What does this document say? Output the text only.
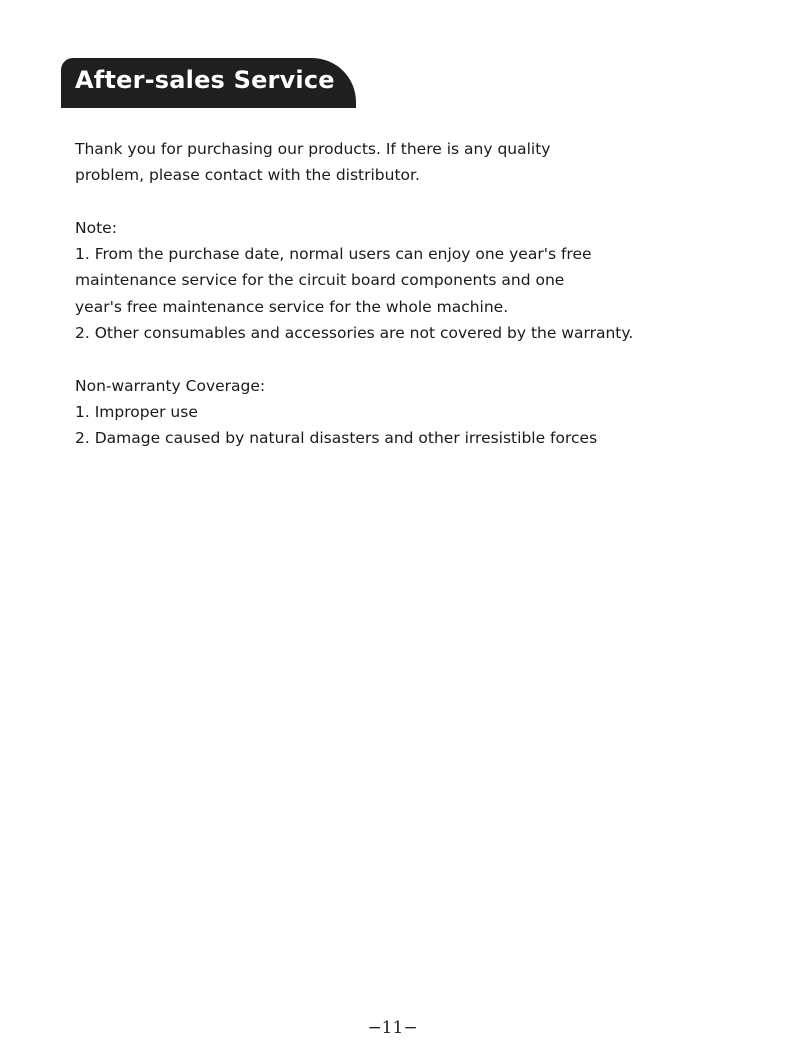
After-sales Service
Thank you for purchasing our products. If there is any quality
problem, please contact with the distributor.
Note:
1. From the purchase date, normal users can enjoy one year's free
maintenance service for the circuit board components and one
year's free maintenance service for the whole machine.
2. Other consumables and accessories are not covered by the warranty.
Non-warranty Coverage:
1. Improper use
2. Damage caused by natural disasters and other irresistible forces
−11−
